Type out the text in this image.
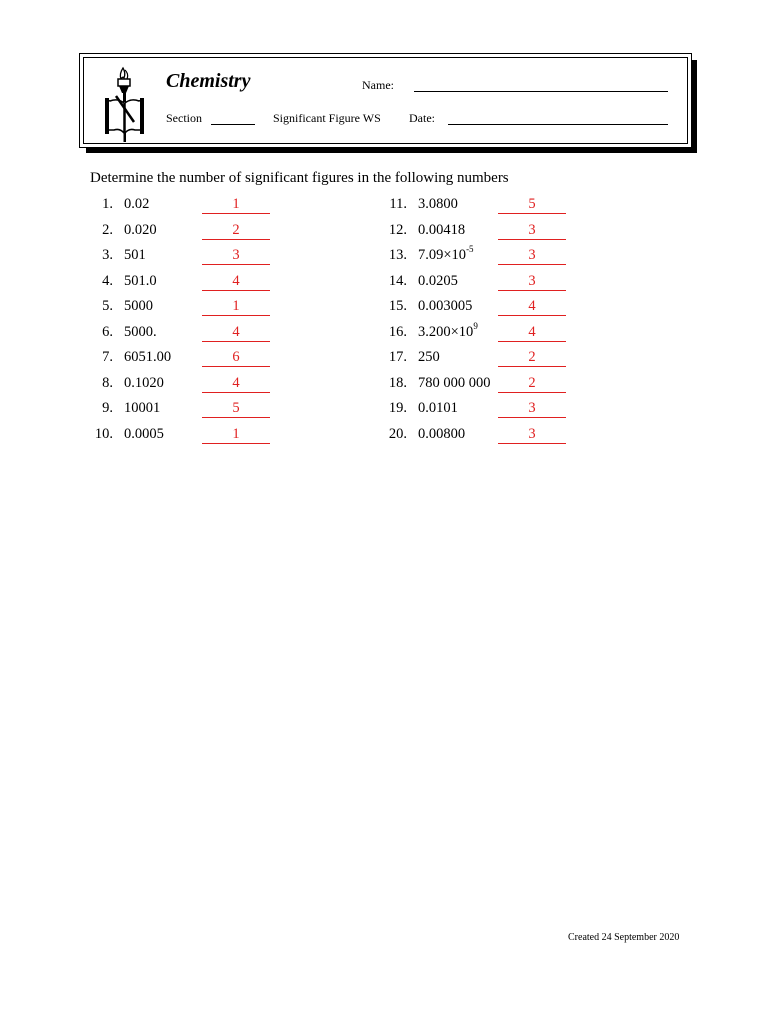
Chemistry	Name:
Section	Significant Figure WS Date:

Determine the number of significant figures in the following numbers

1. 0.02	1
2. 0.020	2
3. 501	3
4. 501.0	4
5. 5000	1
6. 5000.	4
7. 6051.00	6
8. 0.1020	4
9. 10001	5
10. 0.0005	1
11. 3.0800	5
12. 0.00418	3
13. $7.09\times 10^{-5}$	3
14. 0.0205	3
15. 0.003005	4
16. $3.200\times 10^9$	4
17. 250	2
18. 780 000 000	2
19. 0.0101	3
20. 0.00800	3
Created 24 September 2020
